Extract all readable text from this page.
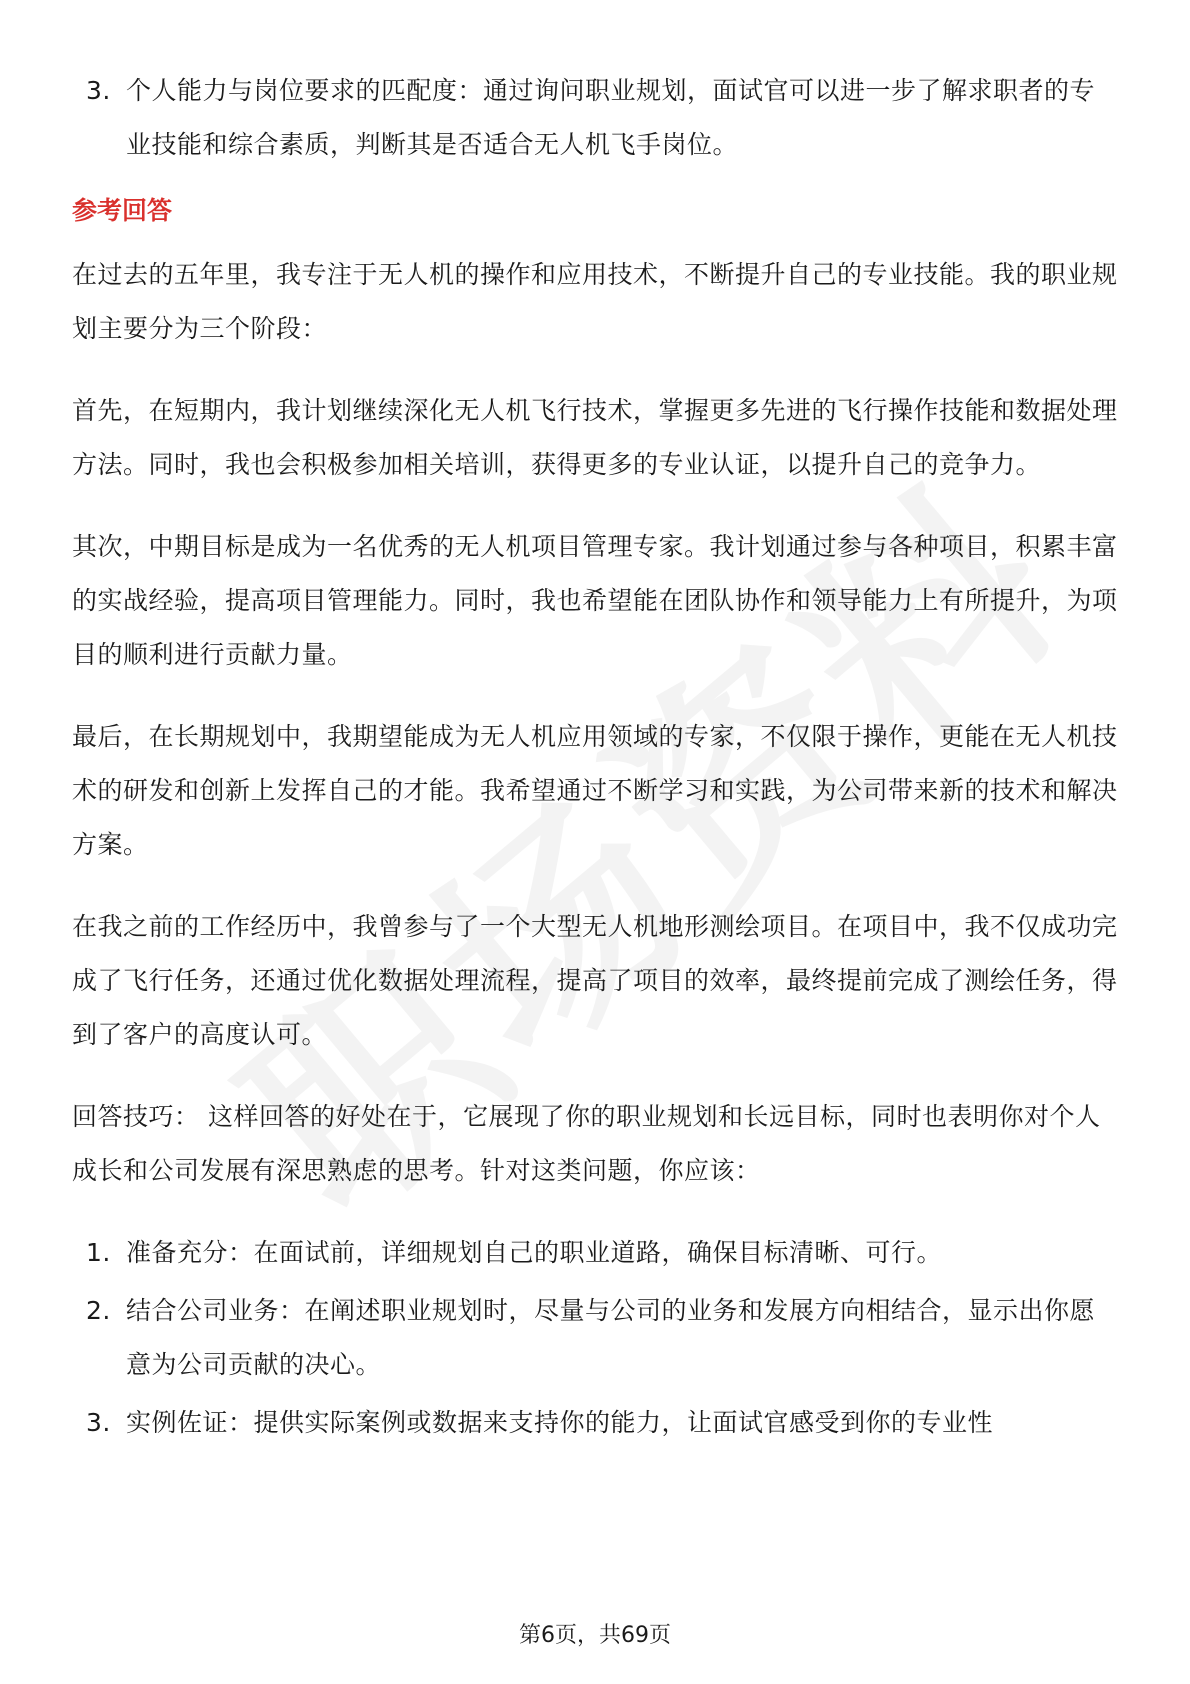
3. 个人能力与岗位要求的匹配度：通过询问职业规划，面试官可以进一步了解求职者的专业技能和综合素质，判断其是否适合无人机飞手岗位。
参考回答

在过去的五年里，我专注于无人机的操作和应用技术，不断提升自己的专业技能。我的职业规划主要分为三个阶段：

首先，在短期内，我计划继续深化无人机飞行技术，掌握更多先进的飞行操作技能和数据处理方法。同时，我也会积极参加相关培训，获得更多的专业认证，以提升自己的竞争力。

其次，中期目标是成为一名优秀的无人机项目管理专家。我计划通过参与各种项目，积累丰富的实战经验，提高项目管理能力。同时，我也希望能在团队协作和领导能力上有所提升，为项目的顺利进行贡献力量。

最后，在长期规划中，我期望能成为无人机应用领域的专家，不仅限于操作，更能在无人机技术的研发和创新上发挥自己的才能。我希望通过不断学习和实践，为公司带来新的技术和解决方案。

在我之前的工作经历中，我曾参与了一个大型无人机地形测绘项目。在项目中，我不仅成功完成了飞行任务，还通过优化数据处理流程，提高了项目的效率，最终提前完成了测绘任务，得到了客户的高度认可。

回答技巧： 这样回答的好处在于，它展现了你的职业规划和长远目标，同时也表明你对个人成长和公司发展有深思熟虑的思考。针对这类问题，你应该：

1. 准备充分：在面试前，详细规划自己的职业道路，确保目标清晰、可行。
2. 结合公司业务：在阐述职业规划时，尽量与公司的业务和发展方向相结合，显示出你愿意为公司贡献的决心。
3. 实例佐证：提供实际案例或数据来支持你的能力，让面试官感受到你的专业性
第6页，共69页
